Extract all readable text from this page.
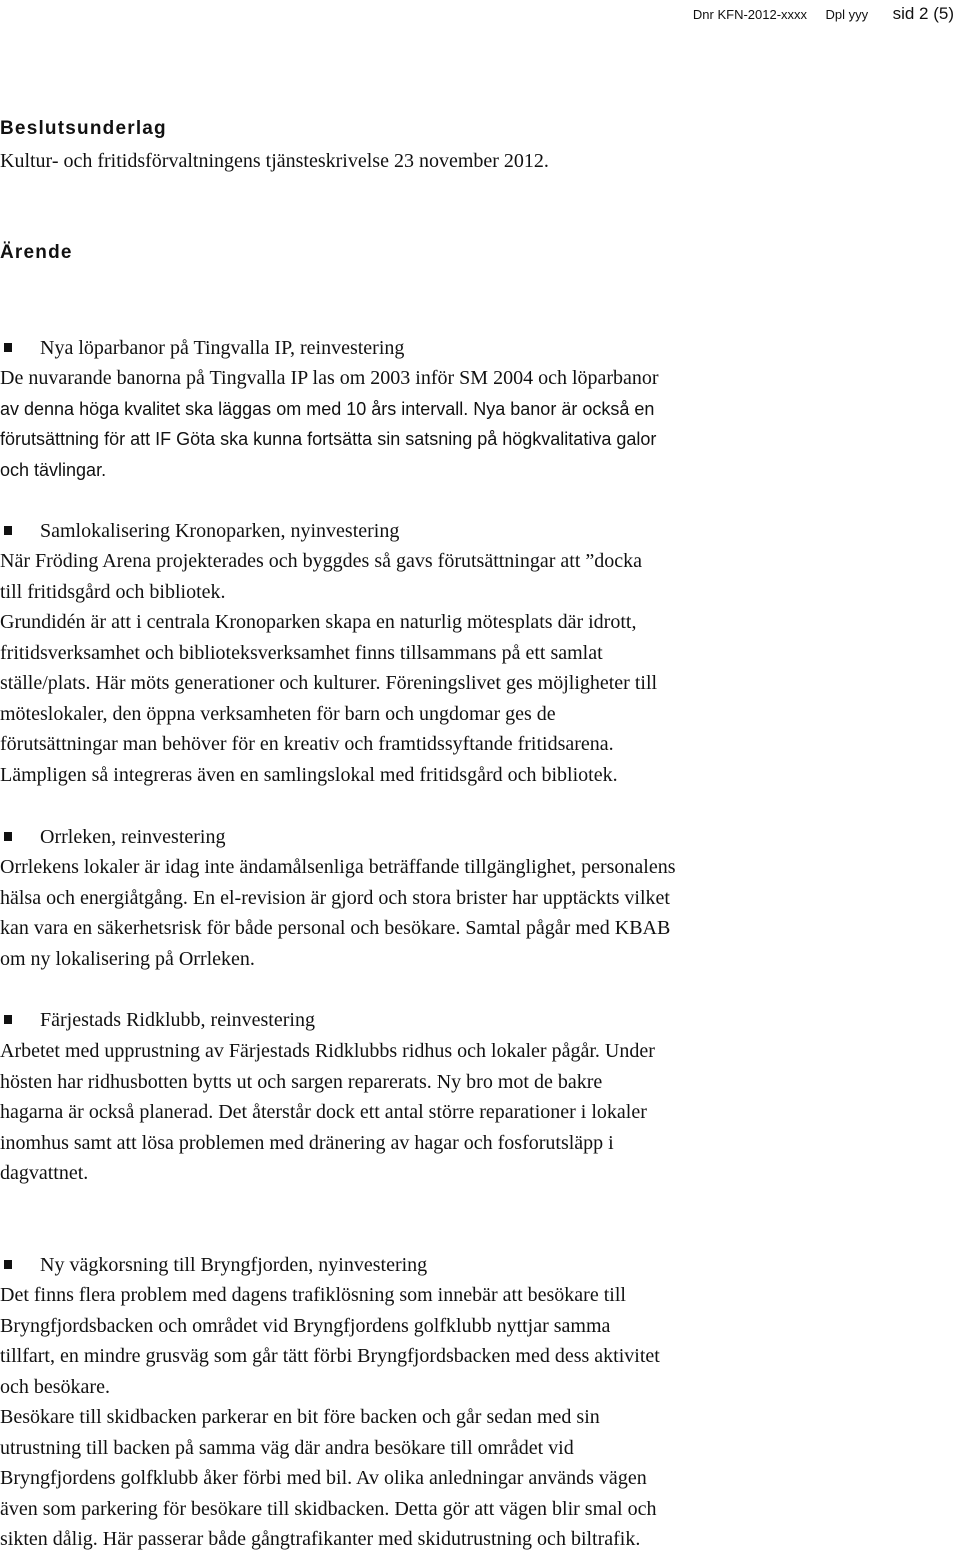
Dnr KFN-2012-xxxx Dpl yyy sid 2 (5)
Beslutsunderlag
Kultur- och fritidsförvaltningens tjänsteskrivelse 23 november 2012.
Ärende
Nya löparbanor på Tingvalla IP, reinvestering
De nuvarande banorna på Tingvalla IP las om 2003 inför SM 2004 och löparbanor
av denna höga kvalitet ska läggas om med 10 års intervall. Nya banor är också en
förutsättning för att IF Göta ska kunna fortsätta sin satsning på högkvalitativa galor
och tävlingar.
Samlokalisering Kronoparken, nyinvestering
När Fröding Arena projekterades och byggdes så gavs förutsättningar att ”docka
till fritidsgård och bibliotek.
Grundidén är att i centrala Kronoparken skapa en naturlig mötesplats där idrott,
fritidsverksamhet och biblioteksverksamhet finns tillsammans på ett samlat
ställe/plats. Här möts generationer och kulturer. Föreningslivet ges möjligheter till
möteslokaler, den öppna verksamheten för barn och ungdomar ges de
förutsättningar man behöver för en kreativ och framtidssyftande fritidsarena.
Lämpligen så integreras även en samlingslokal med fritidsgård och bibliotek.
Orrleken, reinvestering
Orrlekens lokaler är idag inte ändamålsenliga beträffande tillgänglighet, personalens
hälsa och energiåtgång. En el-revision är gjord och stora brister har upptäckts vilket
kan vara en säkerhetsrisk för både personal och besökare. Samtal pågår med KBAB
om ny lokalisering på Orrleken.
Färjestads Ridklubb, reinvestering
Arbetet med upprustning av Färjestads Ridklubbs ridhus och lokaler pågår. Under
hösten har ridhusbotten bytts ut och sargen reparerats. Ny bro mot de bakre
hagarna är också planerad. Det återstår dock ett antal större reparationer i lokaler
inomhus samt att lösa problemen med dränering av hagar och fosforutsläpp i
dagvattnet.
Ny vägkorsning till Bryngfjorden, nyinvestering
Det finns flera problem med dagens trafiklösning som innebär att besökare till
Bryngfjordsbacken och området vid Bryngfjordens golfklubb nyttjar samma
tillfart, en mindre grusväg som går tätt förbi Bryngfjordsbacken med dess aktivitet
och besökare.
Besökare till skidbacken parkerar en bit före backen och går sedan med sin
utrustning till backen på samma väg där andra besökare till området vid
Bryngfjordens golfklubb åker förbi med bil. Av olika anledningar används vägen
även som parkering för besökare till skidbacken. Detta gör att vägen blir smal och
sikten dålig. Här passerar både gångtrafikanter med skidutrustning och biltrafik.
